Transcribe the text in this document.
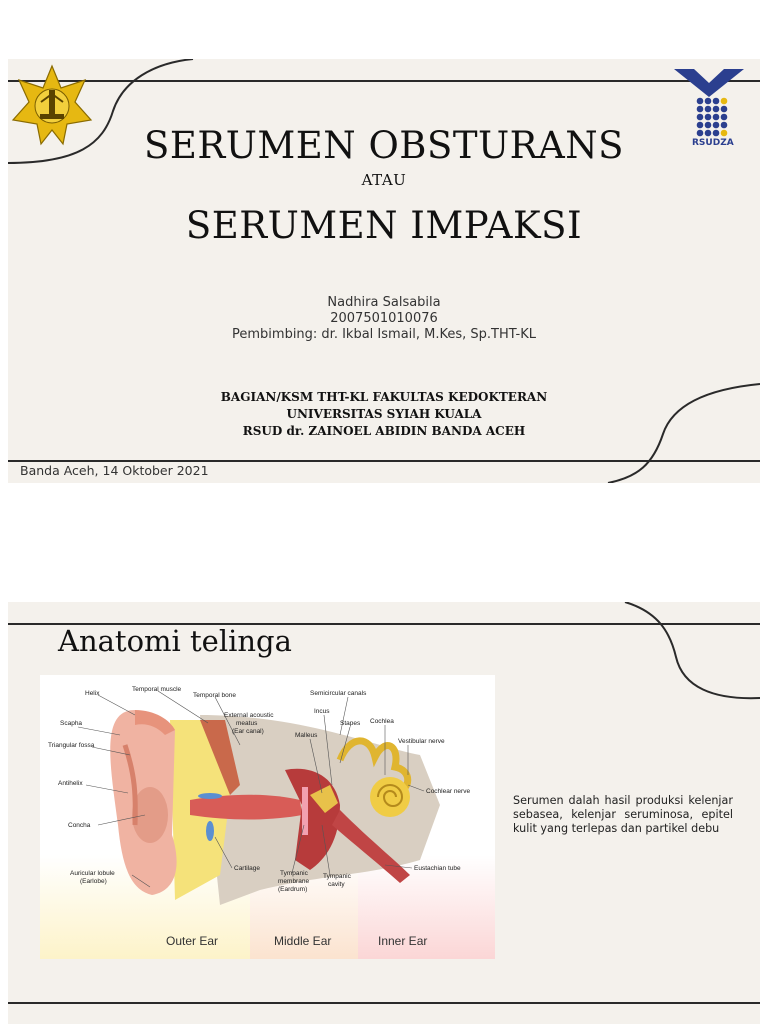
SERUMEN OBSTURANS
ATAU
SERUMEN IMPAKSI
Nadhira Salsabila
2007501010076
Pembimbing: dr. Ikbal Ismail, M.Kes, Sp.THT-KL
BAGIAN/KSM THT-KL FAKULTAS KEDOKTERAN
UNIVERSITAS SYIAH KUALA
RSUD dr. ZAINOEL ABIDIN BANDA ACEH
Banda Aceh, 14 Oktober 2021
RSUDZA
Anatomi telinga
Helix
Temporal muscle
Temporal bone	Semicircular canals
Scapha
External acoustic
meatus
(Ear canal)
Incus
Stapes Cochlea
Triangular fossa
Malleus
Vestibular nerve
Antihelix
Cochlear nerve
Concha
Eustachian tube
Cartilage
Auricular lobule
(Earlobe)
Tympanic
membrane
(Eardrum)
Tympanic
cavity
Outer Ear	Middle Ear	Inner Ear
Serumen dalah hasil produksi kelenjar sebasea, kelenjar seruminosa, epitel kulit yang terlepas dan partikel debu
